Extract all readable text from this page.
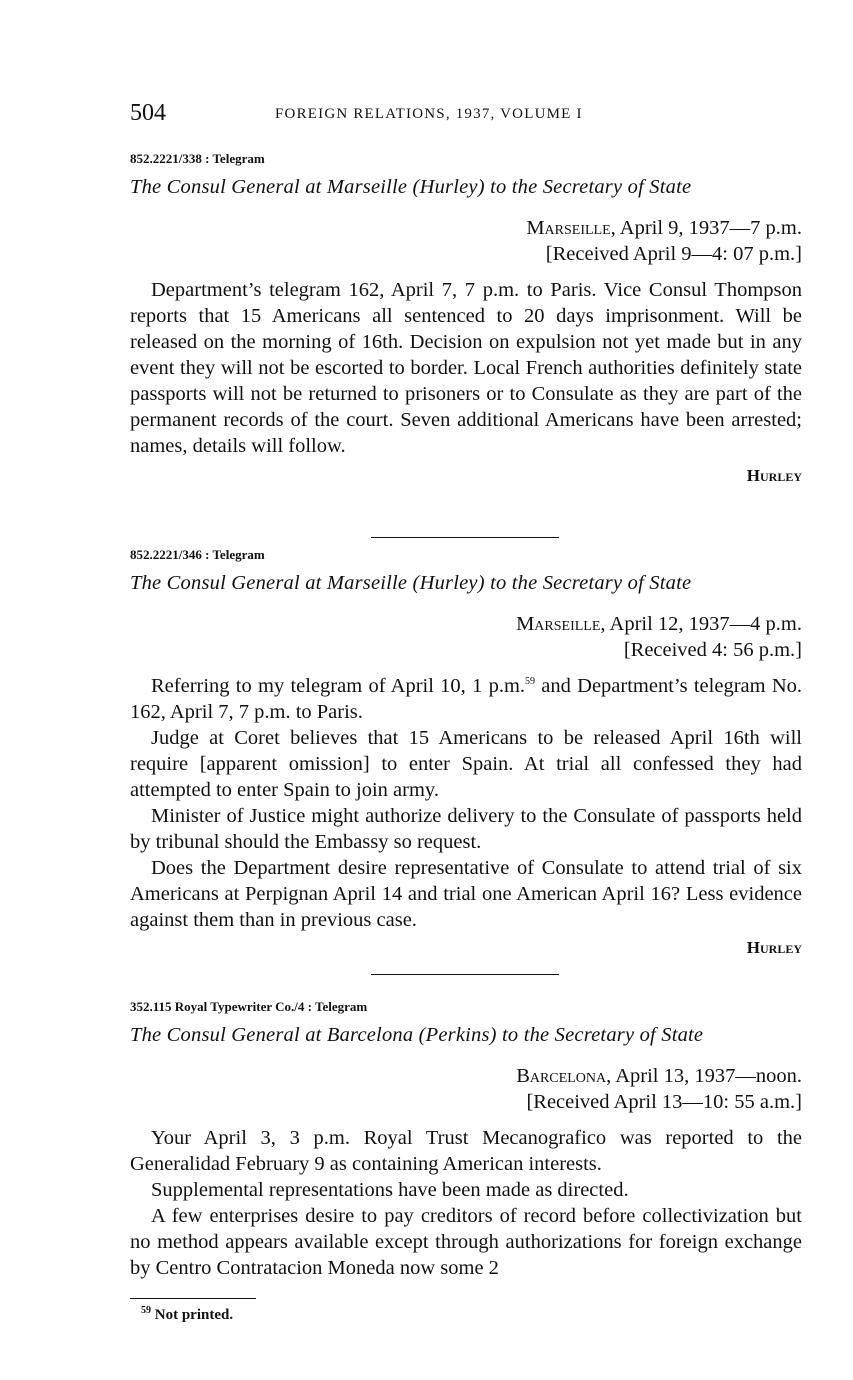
504	FOREIGN RELATIONS, 1937, VOLUME I

852.2221/338 : Telegram

The Consul General at Marseille (Hurley) to the Secretary of State

Marseille, April 9, 1937—7 p.m.

[Received April 9—4: 07 p.m.]

Department’s telegram 162, April 7, 7 p.m. to Paris. Vice Consul Thompson reports that 15 Americans all sentenced to 20 days imprisonment. Will be released on the morning of 16th. Decision on expulsion not yet made but in any event they will not be escorted to border. Local French authorities definitely state passports will not be returned to prisoners or to Consulate as they are part of the permanent records of the court. Seven additional Americans have been arrested; names, details will follow.

Hurley

852.2221/346 : Telegram

The Consul General at Marseille (Hurley) to the Secretary of State

Marseille, April 12, 1937—4 p.m.

[Received 4: 56 p.m.]

Referring to my telegram of April 10, 1 p.m.$^{59}$ and Department’s telegram No. 162, April 7, 7 p.m. to Paris.

Judge at Coret believes that 15 Americans to be released April 16th will require [apparent omission] to enter Spain. At trial all confessed they had attempted to enter Spain to join army.

Minister of Justice might authorize delivery to the Consulate of passports held by tribunal should the Embassy so request.

Does the Department desire representative of Consulate to attend trial of six Americans at Perpignan April 14 and trial one American April 16? Less evidence against them than in previous case.

Hurley

352.115 Royal Typewriter Co./4 : Telegram

The Consul General at Barcelona (Perkins) to the Secretary of State

Barcelona, April 13, 1937—noon.

[Received April 13—10: 55 a.m.]

Your April 3, 3 p.m. Royal Trust Mecanografico was reported to the Generalidad February 9 as containing American interests.

Supplemental representations have been made as directed.

A few enterprises desire to pay creditors of record before collectivization but no method appears available except through authorizations for foreign exchange by Centro Contratacion Moneda now some 2

$^{59}$ Not printed.
